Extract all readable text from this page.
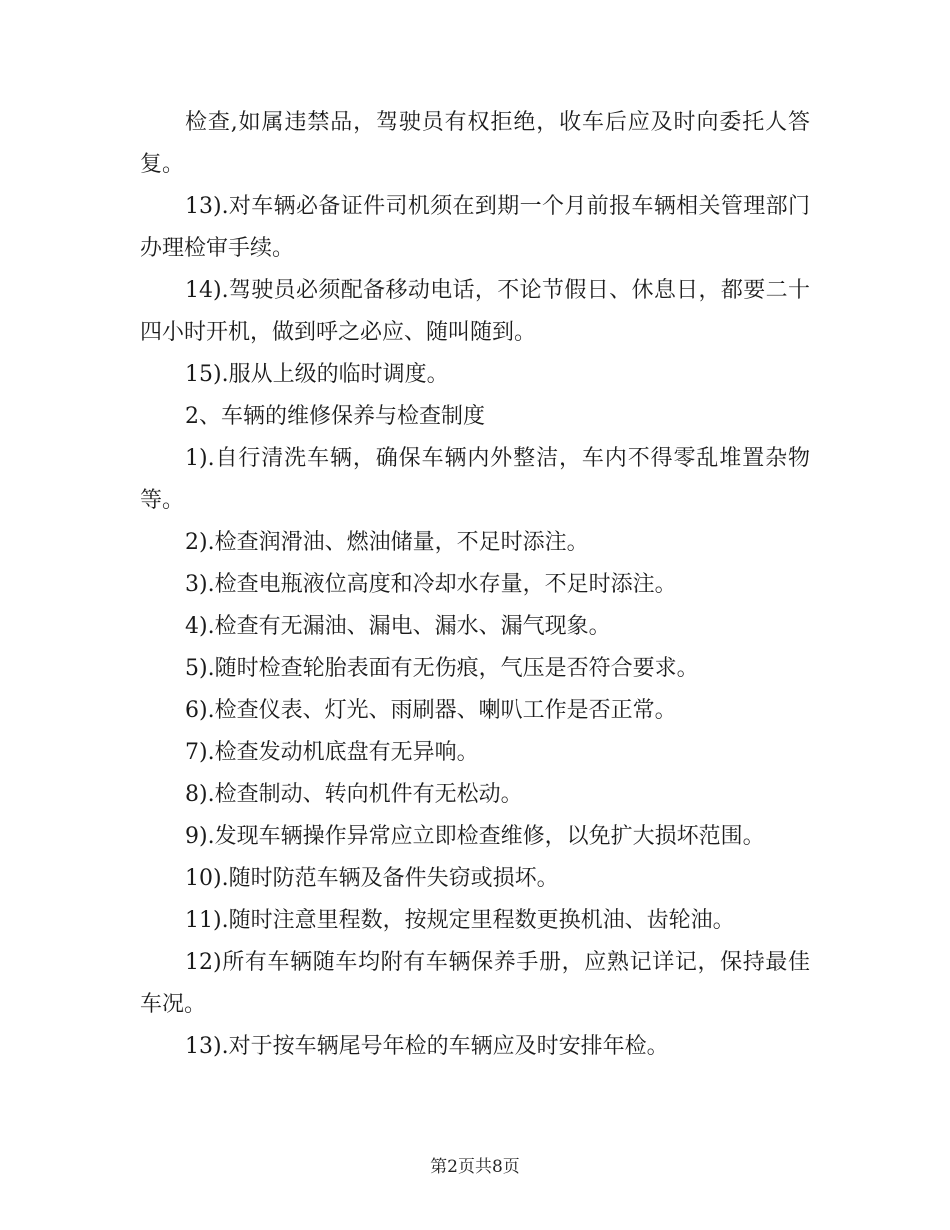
检查,如属违禁品，驾驶员有权拒绝，收车后应及时向委托人答复。

13).对车辆必备证件司机须在到期一个月前报车辆相关管理部门办理检审手续。

14).驾驶员必须配备移动电话，不论节假日、休息日，都要二十四小时开机，做到呼之必应、随叫随到。

15).服从上级的临时调度。

2、车辆的维修保养与检查制度

1).自行清洗车辆，确保车辆内外整洁，车内不得零乱堆置杂物等。

2).检查润滑油、燃油储量，不足时添注。

3).检查电瓶液位高度和冷却水存量，不足时添注。

4).检查有无漏油、漏电、漏水、漏气现象。

5).随时检查轮胎表面有无伤痕，气压是否符合要求。

6).检查仪表、灯光、雨刷器、喇叭工作是否正常。

7).检查发动机底盘有无异响。

8).检查制动、转向机件有无松动。

9).发现车辆操作异常应立即检查维修，以免扩大损坏范围。

10).随时防范车辆及备件失窃或损坏。

11).随时注意里程数，按规定里程数更换机油、齿轮油。

12)所有车辆随车均附有车辆保养手册，应熟记详记，保持最佳车况。

13).对于按车辆尾号年检的车辆应及时安排年检。

第2页共8页
